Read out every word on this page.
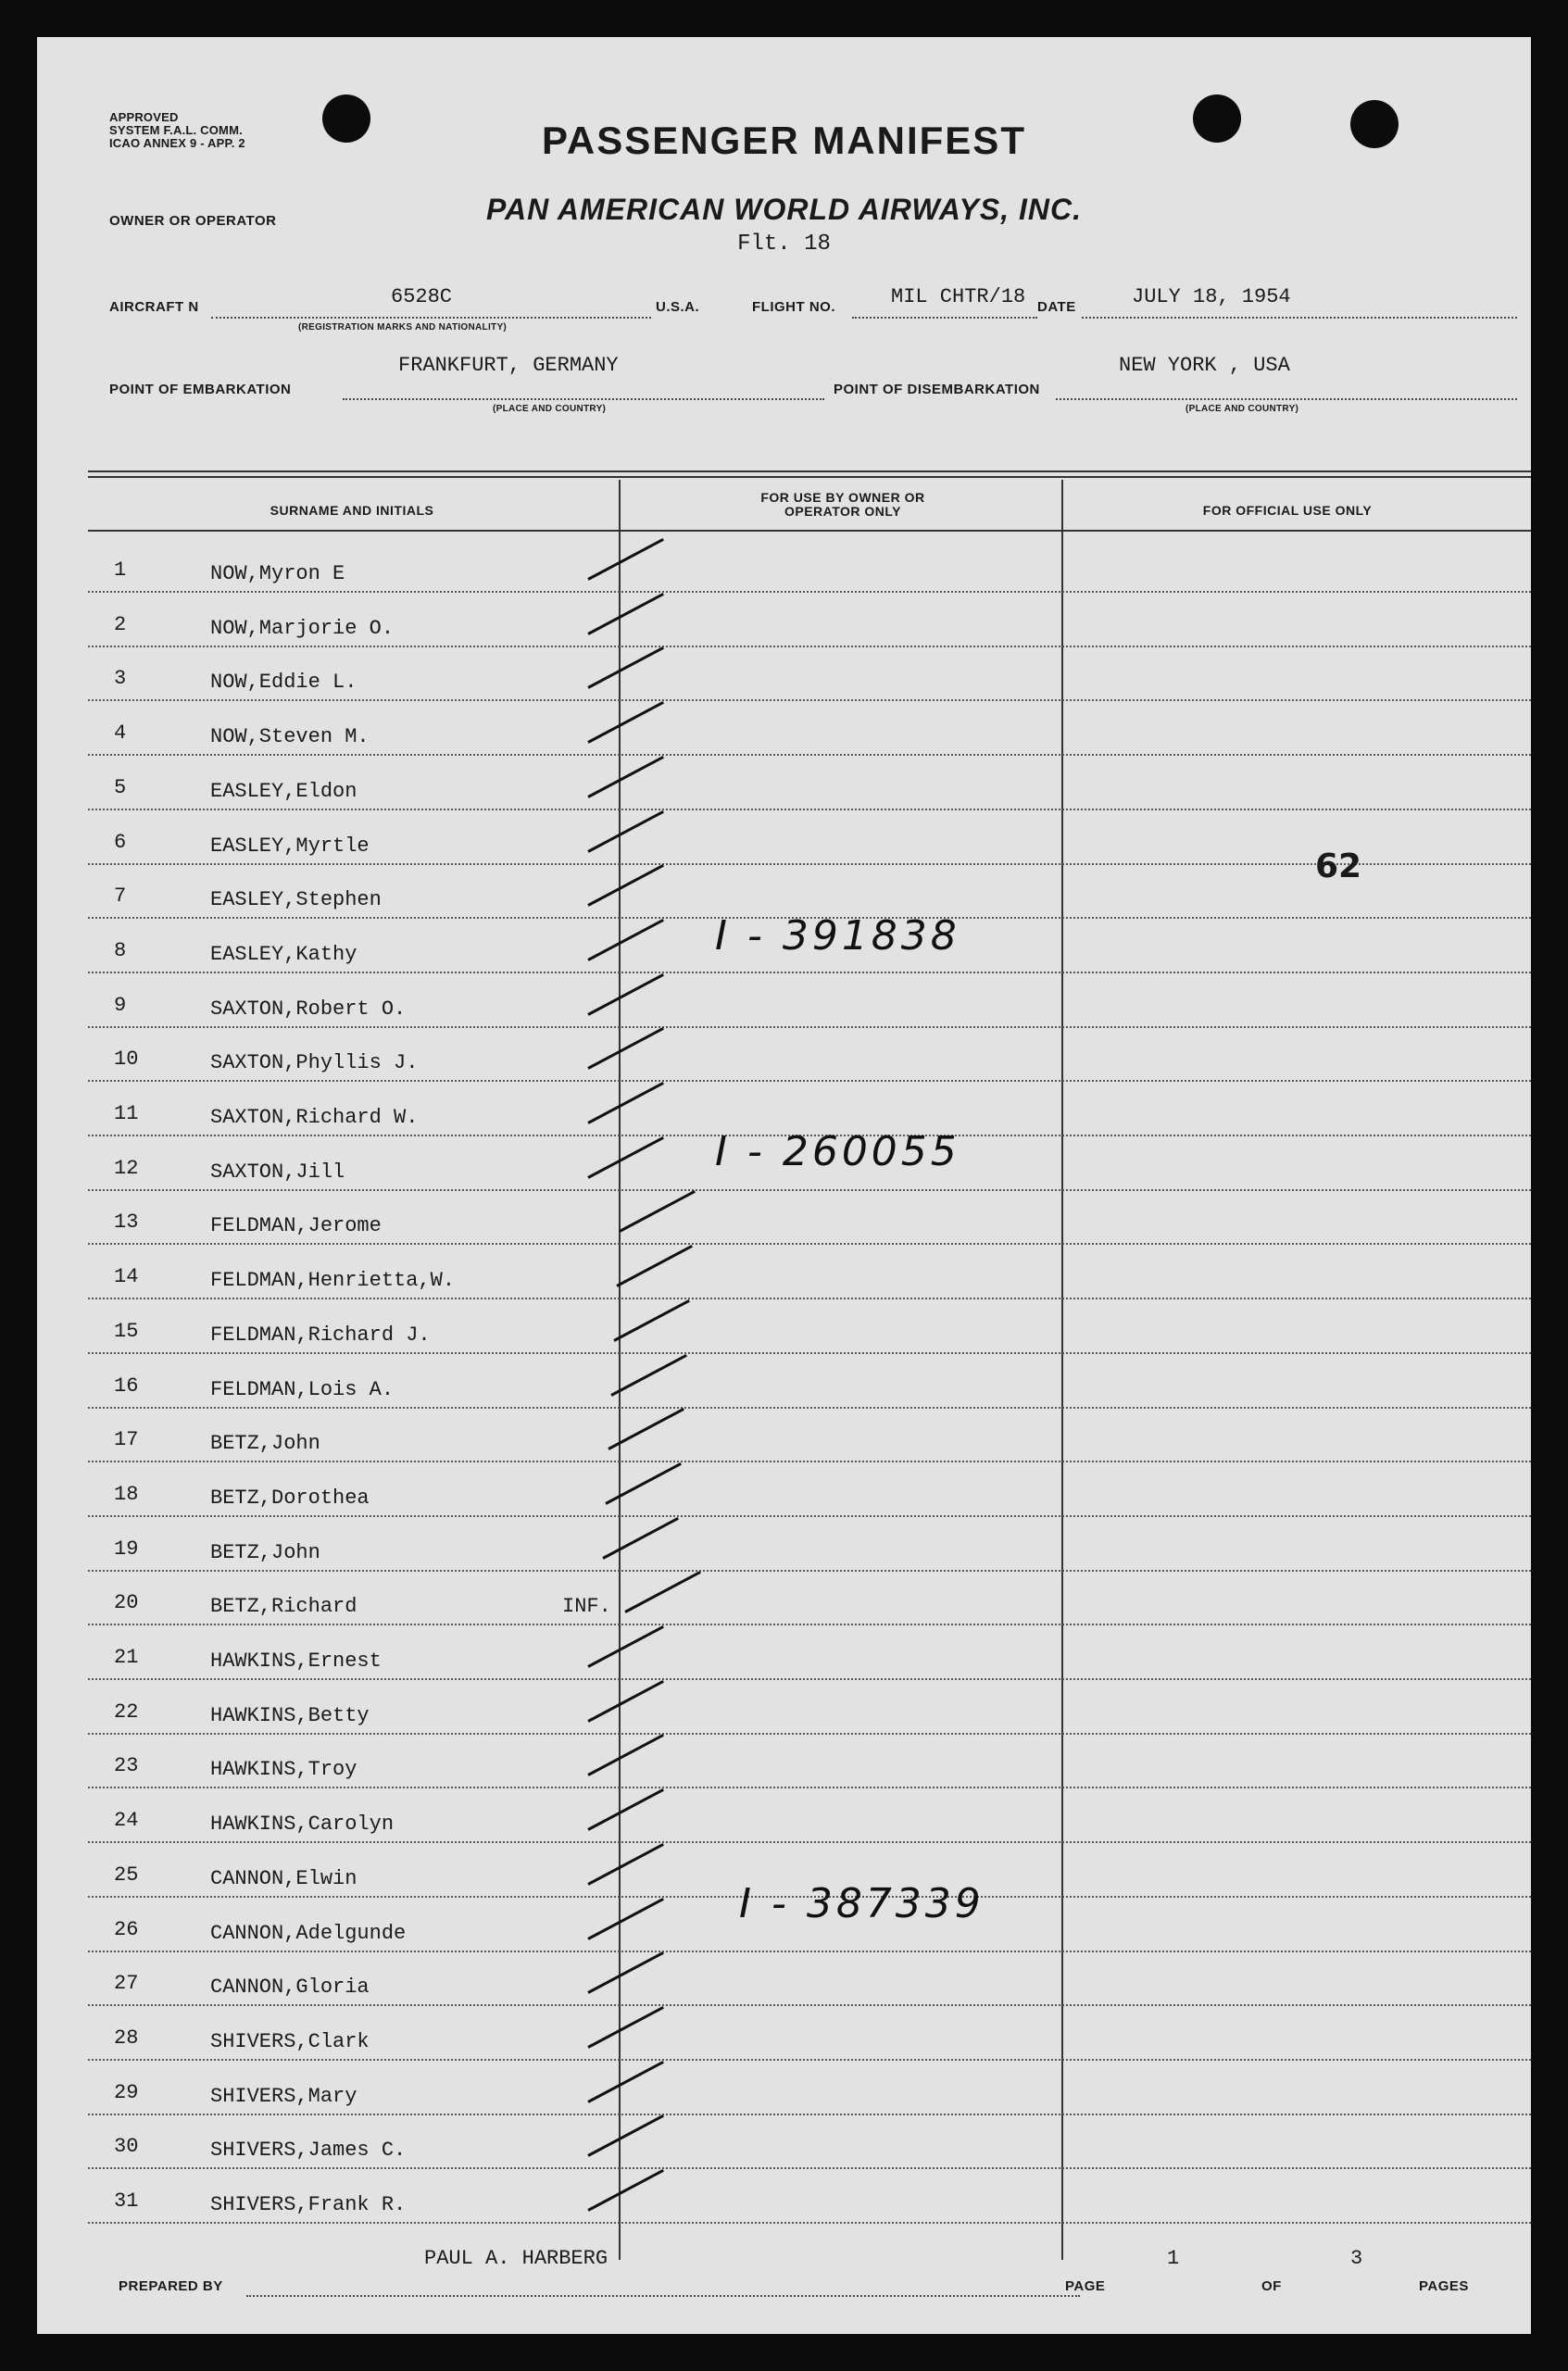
APPROVED
SYSTEM F.A.L. COMM.
ICAO ANNEX 9 - APP. 2	PASSENGER MANIFEST
OWNER OR OPERATOR	PAN AMERICAN WORLD AIRWAYS, INC.
Flt. 18
AIRCRAFT N	6528C
(REGISTRATION MARKS AND NATIONALITY)
U.S.A.	FLIGHT NO.	MIL CHTR/18 DATE	JULY 18, 1954
POINT OF EMBARKATION
FRANKFURT, GERMANY
(PLACE AND COUNTRY)
POINT OF DISEMBARKATION
NEW YORK , USA
(PLACE AND COUNTRY)
SURNAME AND INITIALS
FOR USE BY OWNER OR OPERATOR ONLY	FOR OFFICIAL USE ONLY
1	NOW,Myron E
2	NOW,Marjorie O.
3	NOW,Eddie L.
4	NOW,Steven M.
5	EASLEY,Eldon
6	EASLEY,Myrtle
7	EASLEY,Stephen
8	EASLEY,Kathy
9	SAXTON,Robert O.
10	SAXTON,Phyllis J.
11	SAXTON,Richard W.
12	SAXTON,Jill
13	FELDMAN,Jerome
14	FELDMAN,Henrietta,W.
15	FELDMAN,Richard J.
16	FELDMAN,Lois A.
17	BETZ,John
18	BETZ,Dorothea
19	BETZ,John
20	BETZ,Richard	INF.
21	HAWKINS,Ernest
22	HAWKINS,Betty
23	HAWKINS,Troy
24	HAWKINS,Carolyn
25	CANNON,Elwin
26	CANNON,Adelgunde
27	CANNON,Gloria
28	SHIVERS,Clark
29	SHIVERS,Mary
30	SHIVERS,James C.
31	SHIVERS,Frank R.
I - 391838
I - 260055
I - 387339
62
PREPARED BY
PAUL A. HARBERG
PAGE
1
OF
3
PAGES
